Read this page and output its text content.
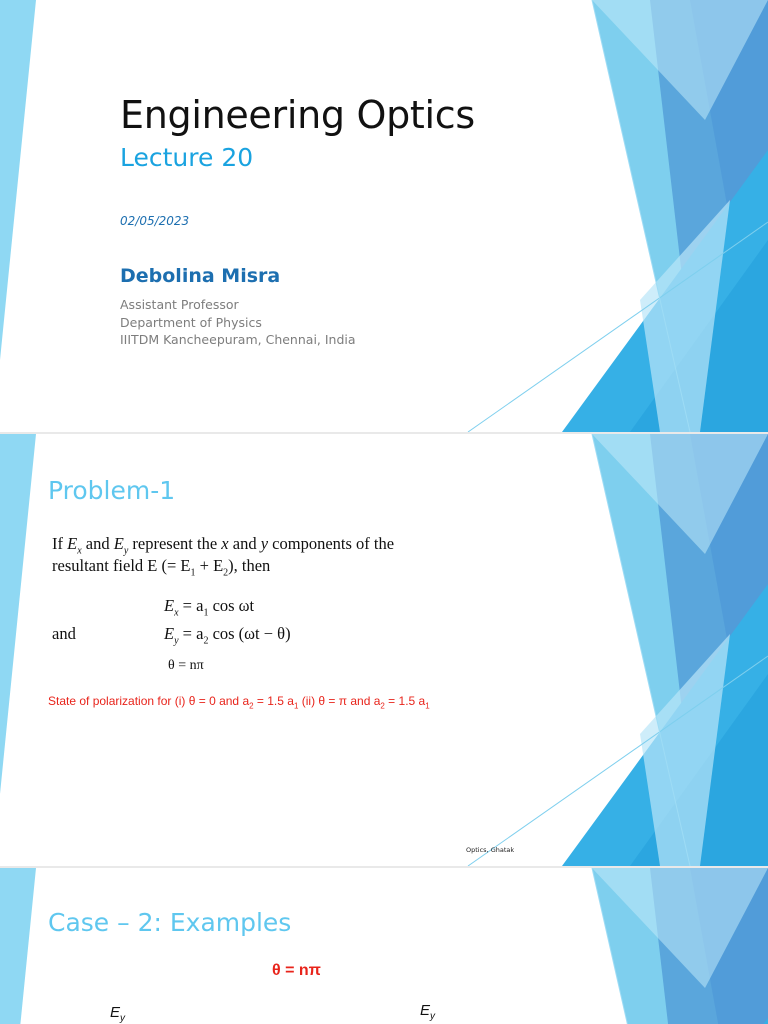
Engineering Optics
Lecture 20
02/05/2023
Debolina Misra
Assistant Professor
Department of Physics
IIITDM Kancheepuram, Chennai, India
Problem-1
If $E_x$ and $E_y$ represent the x and y components of the
resultant field E (= $E_1 + E_2$), then
$E_x = a_1$ cos ωt
and	$E_y = a_2$ cos (ωt − θ)
θ = nπ
State of polarization for (i) θ = 0 and $a_2 = 1.5$ $a_1$ (ii) θ = π and $a_2 = 1.5$ $a_1$
Optics, Ghatak
Case – 2: Examples
θ = nπ
$E_y$	$E_y$
